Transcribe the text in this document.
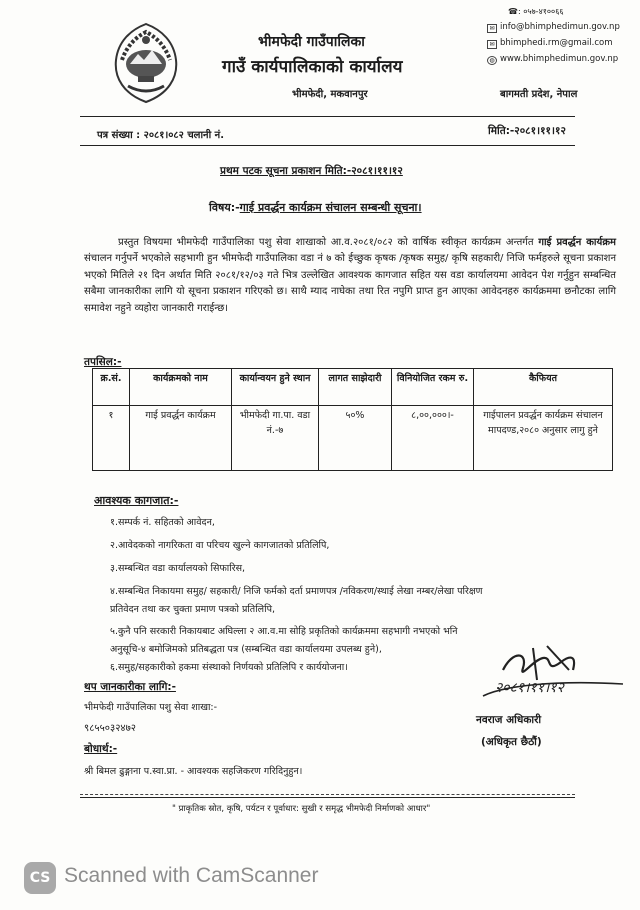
☎: ०५७-४१००६६
भीमफेदी गाउँपालिका
गाउँ कार्यपालिकाको कार्यालय
भीमफेदी, मकवानपुर
✉ info@bhimphedimun.gov.np
✉ bhimphedi.rm@gmail.com
◍ www.bhimphedimun.gov.np
बागमती प्रदेश, नेपाल
पत्र संख्या : २०८१।०८२ चलानी नं.	मिति:-२०८१।११।१२
प्रथम पटक सूचना प्रकाशन मिति:-२०८१।११।१२
विषय:-गाई प्रवर्द्धन कार्यक्रम संचालन सम्बन्धी सूचना।
प्रस्तुत विषयमा भीमफेदी गाउँपालिका पशु सेवा शाखाको आ.व.२०८१/०८२ को वार्षिक स्वीकृत कार्यक्रम अन्तर्गत गाई प्रवर्द्धन कार्यक्रम संचालन गर्नुपर्ने भएकोले सहभागी हुन भीमफेदी गाउँपालिका वडा नं ७ को ईच्छुक कृषक /कृषक समुह/ कृषि सहकारी/ निजि फर्महरुले सूचना प्रकाशन भएको मितिले २१ दिन अर्थात मिति २०८१/१२/०३ गते भित्र उल्लेखित आवश्यक कागजात सहित यस वडा कार्यालयमा आवेदन पेश गर्नुहुन सम्बन्धित सबैमा जानकारीका लागि यो सूचना प्रकाशन गरिएको छ। साथै म्याद नाघेका तथा रित नपुगि प्राप्त हुन आएका आवेदनहरु कार्यक्रममा छनौटका लागि समावेश नहुने व्यहोरा जानकारी गराईन्छ।
तपसिल:-
क्र.सं.	कार्यक्रमको नाम	कार्यान्वयन हुने स्थान	लागत साझेदारी	विनियोजित रकम रु.	कैफियत
१	गाई प्रवर्द्धन कार्यक्रम	भीमफेदी गा.पा. वडा नं.-७	५०%	८,००,०००।-	गाईपालन प्रवर्द्धन कार्यक्रम संचालन मापदण्ड,२०८० अनुसार लागु हुने
आवश्यक कागजात:-
१.सम्पर्क नं. सहितको आवेदन,
२.आवेदकको नागरिकता वा परिचय खुल्ने कागजातको प्रतिलिपि,
३.सम्बन्धित वडा कार्यालयको सिफारिस,
४.सम्बन्धित निकायमा समुह/ सहकारी/ निजि फर्मको दर्ता प्रमाणपत्र /नविकरण/स्थाई लेखा नम्बर/लेखा परिक्षण
प्रतिवेदन तथा कर चुक्ता प्रमाण पत्रको प्रतिलिपि,
५.कुनै पनि सरकारी निकायबाट अघिल्ला २ आ.व.मा सोहि प्रकृतिको कार्यक्रममा सहभागी नभएको भनि
अनुसूचि-४ बमोजिमको प्रतिबद्धता पत्र (सम्बन्धित वडा कार्यालयमा उपलब्ध हुने),
६.समुह/सहकारीको हकमा संस्थाको निर्णयको प्रतिलिपि र कार्ययोजना।
थप जानकारीका लागि:-
भीमफेदी गाउँपालिका पशु सेवा शाखा:-
९८५५०३२४७२
बोधार्थ:-
श्री बिमल ढुङ्गाना प.स्वा.प्रा. - आवश्यक सहजिकरण गरिदिनुहुन।
२०८१।११।१२
नवराज अधिकारी
(अधिकृत छैठौं)
" प्राकृतिक स्रोत, कृषि, पर्यटन र पूर्वाधार: सुखी र समृद्ध भीमफेदी निर्माणको आधार"
CS Scanned with CamScanner
